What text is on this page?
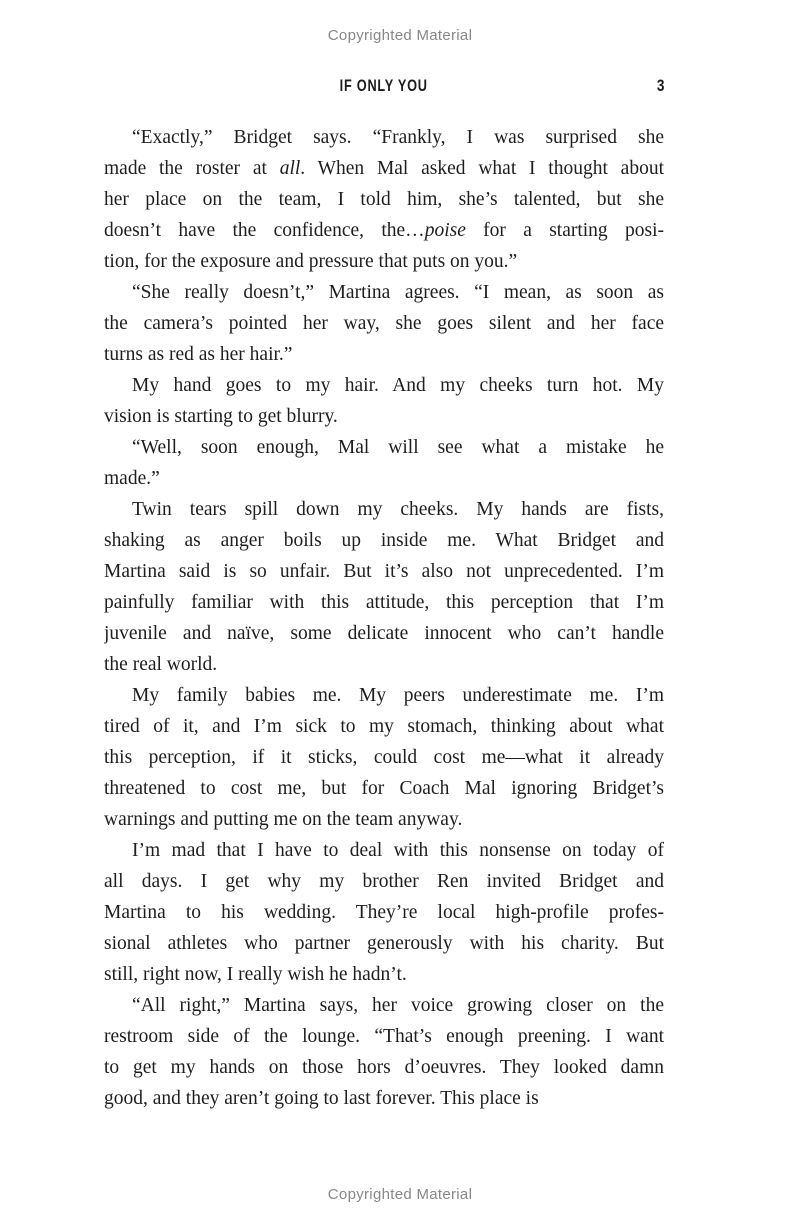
Copyrighted Material
IF ONLY YOU	3
“Exactly,” Bridget says. “Frankly, I was surprised she
made the roster at all. When Mal asked what I thought about
her place on the team, I told him, she’s talented, but she
doesn’t have the confidence, the…poise for a starting posi-
tion, for the exposure and pressure that puts on you.”
“She really doesn’t,” Martina agrees. “I mean, as soon as
the camera’s pointed her way, she goes silent and her face
turns as red as her hair.”
My hand goes to my hair. And my cheeks turn hot. My
vision is starting to get blurry.
“Well, soon enough, Mal will see what a mistake he
made.”
Twin tears spill down my cheeks. My hands are fists,
shaking as anger boils up inside me. What Bridget and
Martina said is so unfair. But it’s also not unprecedented. I’m
painfully familiar with this attitude, this perception that I’m
juvenile and naïve, some delicate innocent who can’t handle
the real world.
My family babies me. My peers underestimate me. I’m
tired of it, and I’m sick to my stomach, thinking about what
this perception, if it sticks, could cost me—what it already
threatened to cost me, but for Coach Mal ignoring Bridget’s
warnings and putting me on the team anyway.
I’m mad that I have to deal with this nonsense on today of
all days. I get why my brother Ren invited Bridget and
Martina to his wedding. They’re local high-profile profes-
sional athletes who partner generously with his charity. But
still, right now, I really wish he hadn’t.
“All right,” Martina says, her voice growing closer on the
restroom side of the lounge. “That’s enough preening. I want
to get my hands on those hors d’oeuvres. They looked damn
good, and they aren’t going to last forever. This place is
Copyrighted Material
